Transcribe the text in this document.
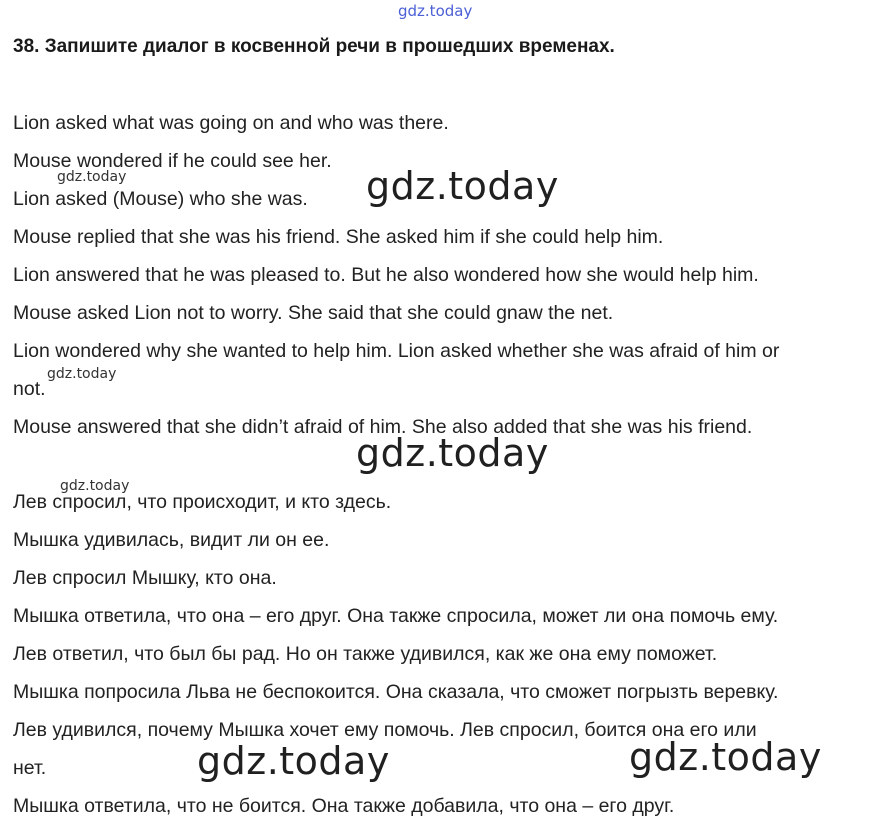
gdz.today
38. Запишите диалог в косвенной речи в прошедших временах.
Lion asked what was going on and who was there.
Mouse wondered if he could see her.
Lion asked (Mouse) who she was.
Mouse replied that she was his friend. She asked him if she could help him.
Lion answered that he was pleased to. But he also wondered how she would help him.
Mouse asked Lion not to worry. She said that she could gnaw the net.
Lion wondered why she wanted to help him. Lion asked whether she was afraid of him or
not.
Mouse answered that she didn’t afraid of him. She also added that she was his friend.
Лев спросил, что происходит, и кто здесь.
Мышка удивилась, видит ли он ее.
Лев спросил Мышку, кто она.
Мышка ответила, что она – его друг. Она также спросила, может ли она помочь ему.
Лев ответил, что был бы рад. Но он также удивился, как же она ему поможет.
Мышка попросила Льва не беспокоится. Она сказала, что сможет погрызть веревку.
Лев удивился, почему Мышка хочет ему помочь. Лев спросил, боится она его или
нет.
Мышка ответила, что не боится. Она также добавила, что она – его друг.
gdz.today	gdz.today
gdz.today
gdz.today
gdz.today
gdz.today	gdz.today
